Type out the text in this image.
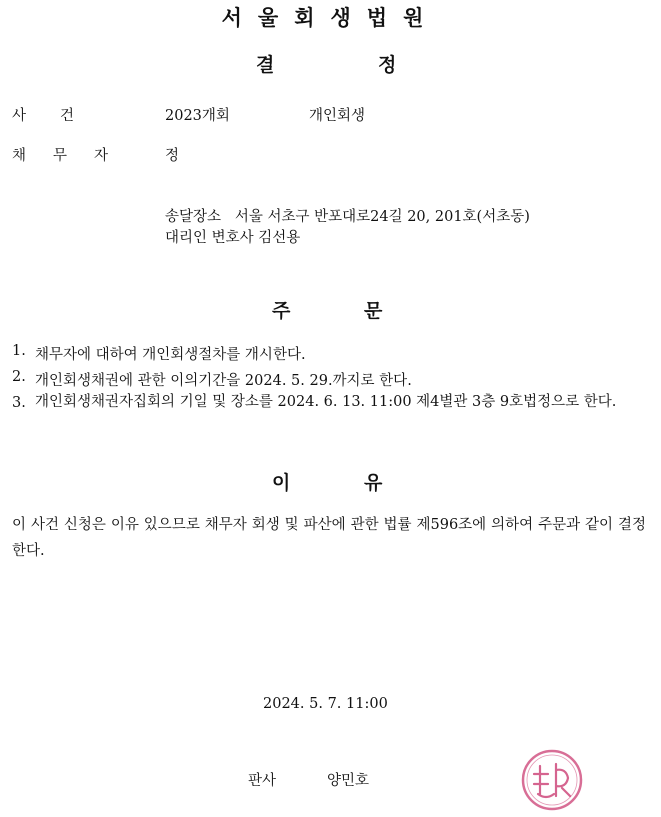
서울회생법원
결	정
사건	2023개회	개인회생
채무자 정
송달장소 서울 서초구 반포대로24길 20, 201호(서초동)
대리인 변호사 김선용
주	문
1. 채무자에 대하여 개인회생절차를 개시한다.
2. 개인회생채권에 관한 이의기간을 2024. 5. 29.까지로 한다.
3. 개인회생채권자집회의 기일 및 장소를 2024. 6. 13. 11:00 제4별관 3층 9호법정으로 한다.
이	유
이 사건 신청은 이유 있으므로 채무자 회생 및 파산에 관한 법률 제596조에 의하여 주문과 같이 결정한다.
2024. 5. 7. 11:00
판사	양민호
